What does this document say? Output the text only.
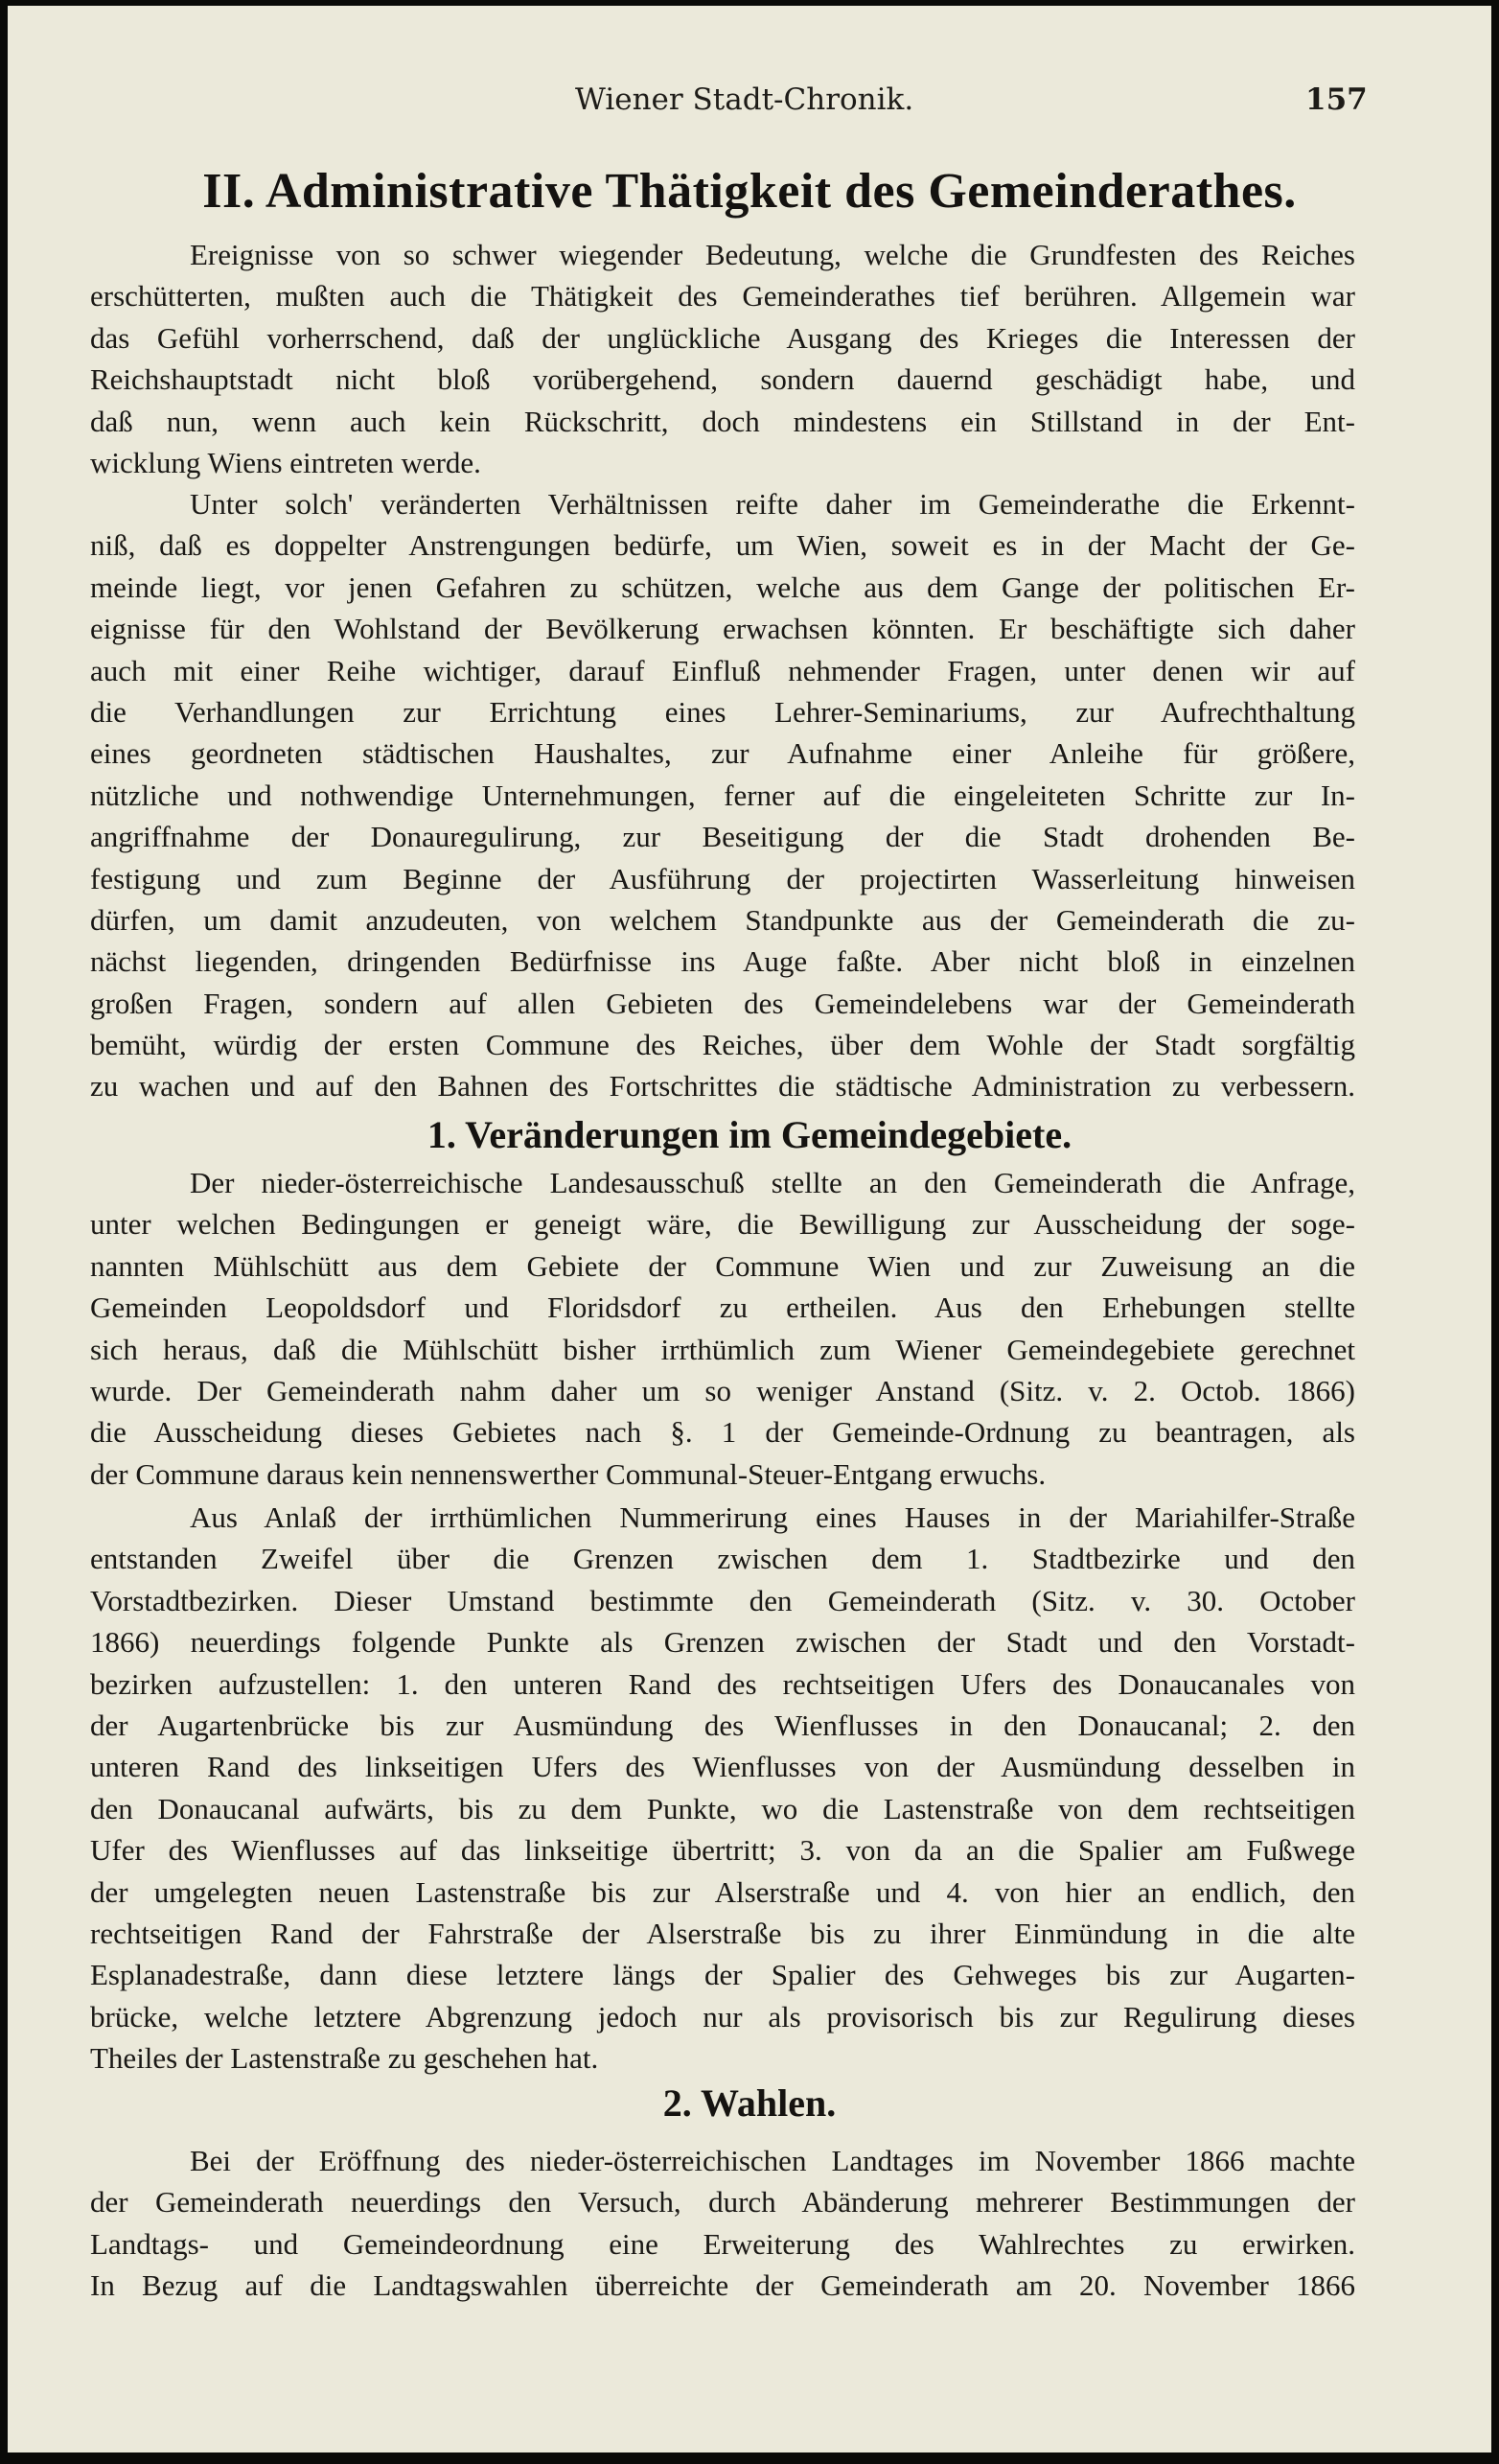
Wiener Stadt-Chronik.	157
II. Administrative Thätigkeit des Gemeinderathes.
Ereignisse von so schwer wiegender Bedeutung, welche die Grundfesten des Reiches
erschütterten, mußten auch die Thätigkeit des Gemeinderathes tief berühren. Allgemein war
das Gefühl vorherrschend, daß der unglückliche Ausgang des Krieges die Interessen der
Reichshauptstadt nicht bloß vorübergehend, sondern dauernd geschädigt habe, und
daß nun, wenn auch kein Rückschritt, doch mindestens ein Stillstand in der Ent-
wicklung Wiens eintreten werde.
Unter solch' veränderten Verhältnissen reifte daher im Gemeinderathe die Erkennt-
niß, daß es doppelter Anstrengungen bedürfe, um Wien, soweit es in der Macht der Ge-
meinde liegt, vor jenen Gefahren zu schützen, welche aus dem Gange der politischen Er-
eignisse für den Wohlstand der Bevölkerung erwachsen könnten. Er beschäftigte sich daher
auch mit einer Reihe wichtiger, darauf Einfluß nehmender Fragen, unter denen wir auf
die Verhandlungen zur Errichtung eines Lehrer-Seminariums, zur Aufrechthaltung
eines geordneten städtischen Haushaltes, zur Aufnahme einer Anleihe für größere,
nützliche und nothwendige Unternehmungen, ferner auf die eingeleiteten Schritte zur In-
angriffnahme der Donauregulirung, zur Beseitigung der die Stadt drohenden Be-
festigung und zum Beginne der Ausführung der projectirten Wasserleitung hinweisen
dürfen, um damit anzudeuten, von welchem Standpunkte aus der Gemeinderath die zu-
nächst liegenden, dringenden Bedürfnisse ins Auge faßte. Aber nicht bloß in einzelnen
großen Fragen, sondern auf allen Gebieten des Gemeindelebens war der Gemeinderath
bemüht, würdig der ersten Commune des Reiches, über dem Wohle der Stadt sorgfältig
zu wachen und auf den Bahnen des Fortschrittes die städtische Administration zu verbessern.
1. Veränderungen im Gemeindegebiete.
Der nieder-österreichische Landesausschuß stellte an den Gemeinderath die Anfrage,
unter welchen Bedingungen er geneigt wäre, die Bewilligung zur Ausscheidung der soge-
nannten Mühlschütt aus dem Gebiete der Commune Wien und zur Zuweisung an die
Gemeinden Leopoldsdorf und Floridsdorf zu ertheilen. Aus den Erhebungen stellte
sich heraus, daß die Mühlschütt bisher irrthümlich zum Wiener Gemeindegebiete gerechnet
wurde. Der Gemeinderath nahm daher um so weniger Anstand (Sitz. v. 2. Octob. 1866)
die Ausscheidung dieses Gebietes nach §. 1 der Gemeinde-Ordnung zu beantragen, als
der Commune daraus kein nennenswerther Communal-Steuer-Entgang erwuchs.
Aus Anlaß der irrthümlichen Nummerirung eines Hauses in der Mariahilfer-Straße
entstanden Zweifel über die Grenzen zwischen dem 1. Stadtbezirke und den
Vorstadtbezirken. Dieser Umstand bestimmte den Gemeinderath (Sitz. v. 30. October
1866) neuerdings folgende Punkte als Grenzen zwischen der Stadt und den Vorstadt-
bezirken aufzustellen: 1. den unteren Rand des rechtseitigen Ufers des Donaucanales von
der Augartenbrücke bis zur Ausmündung des Wienflusses in den Donaucanal; 2. den
unteren Rand des linkseitigen Ufers des Wienflusses von der Ausmündung desselben in
den Donaucanal aufwärts, bis zu dem Punkte, wo die Lastenstraße von dem rechtseitigen
Ufer des Wienflusses auf das linkseitige übertritt; 3. von da an die Spalier am Fußwege
der umgelegten neuen Lastenstraße bis zur Alserstraße und 4. von hier an endlich, den
rechtseitigen Rand der Fahrstraße der Alserstraße bis zu ihrer Einmündung in die alte
Esplanadestraße, dann diese letztere längs der Spalier des Gehweges bis zur Augarten-
brücke, welche letztere Abgrenzung jedoch nur als provisorisch bis zur Regulirung dieses
Theiles der Lastenstraße zu geschehen hat.
2. Wahlen.
Bei der Eröffnung des nieder-österreichischen Landtages im November 1866 machte
der Gemeinderath neuerdings den Versuch, durch Abänderung mehrerer Bestimmungen der
Landtags- und Gemeindeordnung eine Erweiterung des Wahlrechtes zu erwirken.
In Bezug auf die Landtagswahlen überreichte der Gemeinderath am 20. November 1866
